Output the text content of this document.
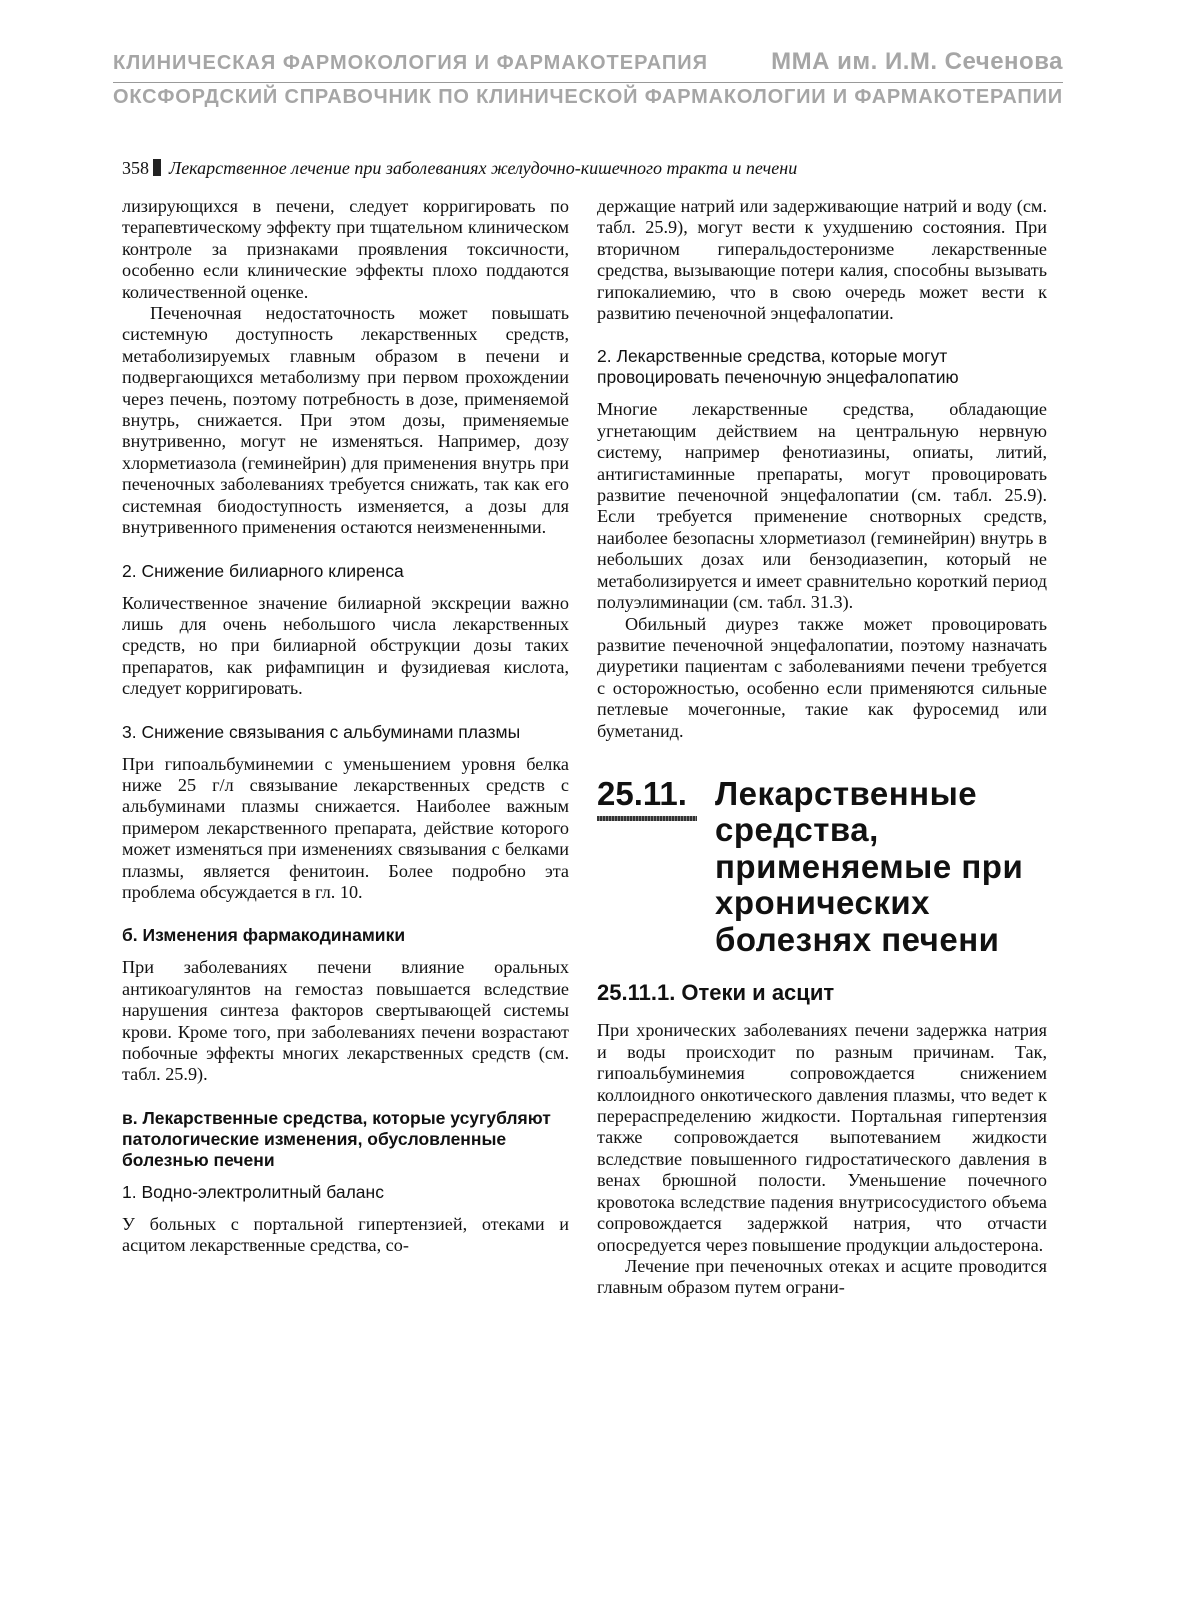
КЛИНИЧЕСКАЯ ФАРМОКОЛОГИЯ И ФАРМАКОТЕРАПИЯ	ММА им. И.М. Сеченова
ОКСФОРДСКИЙ СПРАВОЧНИК ПО КЛИНИЧЕСКОЙ ФАРМАКОЛОГИИ И ФАРМАКОТЕРАПИИ
358 Лекарственное лечение при заболеваниях желудочно-кишечного тракта и печени

лизирующихся в печени, следует корригировать по терапевтическому эффекту при тщательном клиническом контроле за признаками проявления токсичности, особенно если клинические эффекты плохо поддаются количественной оценке.

Печеночная недостаточность может повышать системную доступность лекарственных средств, метаболизируемых главным образом в печени и подвергающихся метаболизму при первом прохождении через печень, поэтому потребность в дозе, применяемой внутрь, снижается. При этом дозы, применяемые внутривенно, могут не изменяться. Например, дозу хлорметиазола (геминейрин) для применения внутрь при печеночных заболеваниях требуется снижать, так как его системная биодоступность изменяется, а дозы для внутривенного применения остаются неизмененными.

2. Снижение билиарного клиренса

Количественное значение билиарной экскреции важно лишь для очень небольшого числа лекарственных средств, но при билиарной обструкции дозы таких препаратов, как рифампицин и фузидиевая кислота, следует корригировать.

3. Снижение связывания с альбуминами плазмы

При гипоальбуминемии с уменьшением уровня белка ниже 25 г/л связывание лекарственных средств с альбуминами плазмы снижается. Наиболее важным примером лекарственного препарата, действие которого может изменяться при изменениях связывания с белками плазмы, является фенитоин. Более подробно эта проблема обсуждается в гл. 10.

б. Изменения фармакодинамики

При заболеваниях печени влияние оральных антикоагулянтов на гемостаз повышается вследствие нарушения синтеза факторов свертывающей системы крови. Кроме того, при заболеваниях печени возрастают побочные эффекты многих лекарственных средств (см. табл. 25.9).

в. Лекарственные средства, которые усугубляют патологические изменения, обусловленные болезнью печени
1. Водно-электролитный баланс

У больных с портальной гипертензией, отеками и асцитом лекарственные средства, со-

держащие натрий или задерживающие натрий и воду (см. табл. 25.9), могут вести к ухудшению состояния. При вторичном гиперальдостеронизме лекарственные средства, вызывающие потери калия, способны вызывать гипокалиемию, что в свою очередь может вести к развитию печеночной энцефалопатии.

2. Лекарственные средства, которые могут провоцировать печеночную энцефалопатию

Многие лекарственные средства, обладающие угнетающим действием на центральную нервную систему, например фенотиазины, опиаты, литий, антигистаминные препараты, могут провоцировать развитие печеночной энцефалопатии (см. табл. 25.9). Если требуется применение снотворных средств, наиболее безопасны хлорметиазол (геминейрин) внутрь в небольших дозах или бензодиазепин, который не метаболизируется и имеет сравнительно короткий период полуэлиминации (см. табл. 31.3).

Обильный диурез также может провоцировать развитие печеночной энцефалопатии, поэтому назначать диуретики пациентам с заболеваниями печени требуется с осторожностью, особенно если применяются сильные петлевые мочегонные, такие как фуросемид или буметанид.

25.11. Лекарственные средства, применяемые при хронических болезнях печени
25.11.1. Отеки и асцит

При хронических заболеваниях печени задержка натрия и воды происходит по разным причинам. Так, гипоальбуминемия сопровождается снижением коллоидного онкотического давления плазмы, что ведет к перераспределению жидкости. Портальная гипертензия также сопровождается выпотеванием жидкости вследствие повышенного гидростатического давления в венах брюшной полости. Уменьшение почечного кровотока вследствие падения внутрисосудистого объема сопровождается задержкой натрия, что отчасти опосредуется через повышение продукции альдостерона.

Лечение при печеночных отеках и асците проводится главным образом путем ограни-
